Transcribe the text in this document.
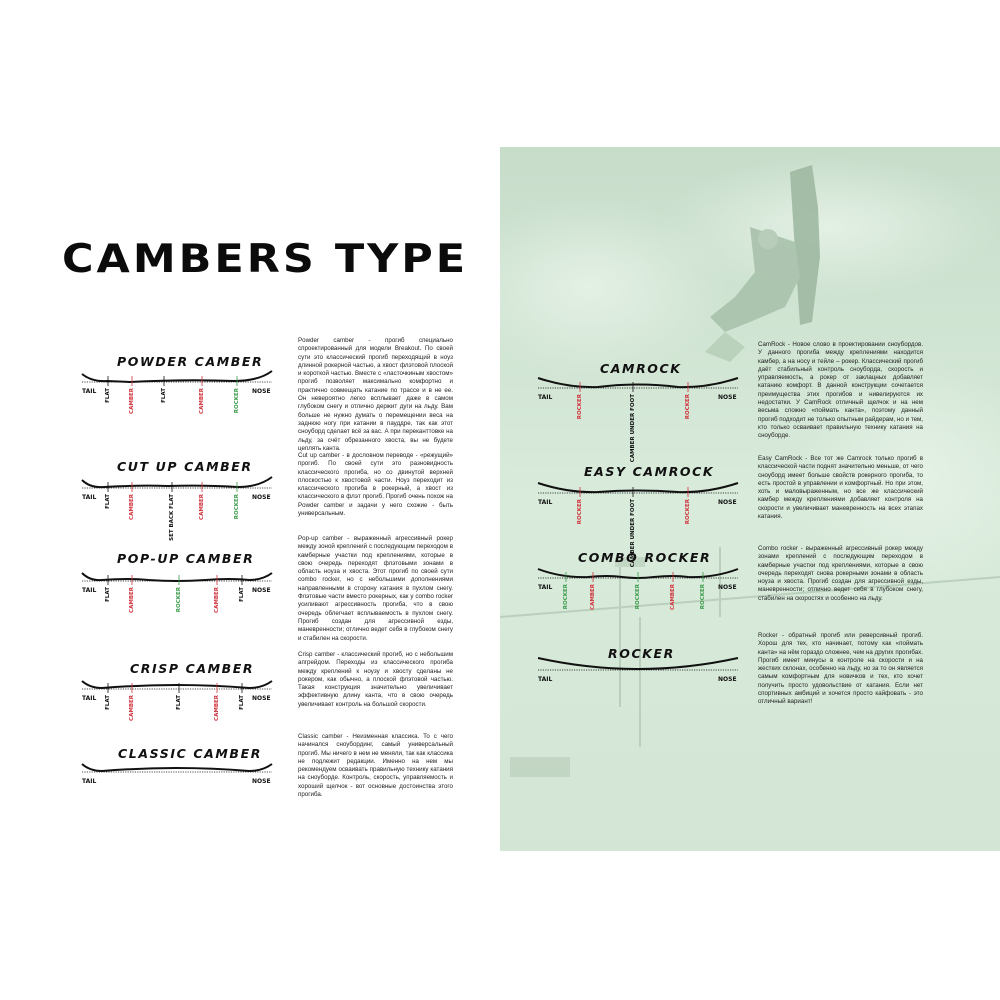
CAMBERS TYPE
POWDER CAMBER
TAIL	NOSE
FLAT	CAMBER	FLAT	CAMBER	ROCKER
Powder camber - прогиб специально спроектированный для модели Breakout. По своей сути это классический прогиб переходящий в ноуз длинной рокерной частью, а хвост флэтовой плоской и короткой частью. Вместе с «ласточкиным хвостом» прогиб позволяет максимально комфортно и практично совмещать катание по трассе и в не ее. Он невероятно легко всплывает даже в самом глубоком снегу и отлично держит дуги на льду. Вам больше не нужно думать о перемещении веса на заднюю ногу при катании в пауддре, так как этот сноуборд сделает всё за вас. А при переканттовке на льду, за счёт обрезанного хвоста, вы не будете цеплять канта.
CUT UP CAMBER
TAIL	NOSE
FLAT	CAMBER	SET BACK FLAT	CAMBER	ROCKER
Cut up camber - в дословном переводе - «режущий» прогиб. По своей сути это разновидность классического прогиба, но со двинутой верхней плоскостью к хвостовой части. Ноуз переходит из классического прогиба в рокерный, а хвост из классического в флэт прогиб. Прогиб очень похож на Powder camber и задачи у него схожие - быть универсальным.
POP-UP CAMBER
TAIL	NOSE
FLAT	CAMBER	ROCKER	CAMBER	FLAT
Pop-up camber - выраженный агрессивный рокер между зоной креплений с последующим переходом в камберные участки под креплениями, которые в свою очередь переходят флэтовыми зонами в область ноуза и хвоста. Этот прогиб по своей сути combo rocker, но с небольшими дополнениями направленными в сторону катания в пухлом снегу. Флэтовые части вместо рокерных, как у combo rocker усиливают агрессивность прогиба, что в свою очередь облегчает всплываемость в пухлом снегу. Прогиб создан для агрессивной езды, маневренности; отлично ведет себя в глубоком снегу и стабилен на скорости.
CRISP CAMBER
TAIL	NOSE
FLAT	CAMBER	FLAT	CAMBER	FLAT
Crisp camber - классический прогиб, но с небольшим апгрейдом. Переходы из классического прогиба между креплений к ноузу и хвосту сделаны не рокером, как обычно, а плоской флэтовой частью. Такая конструкция значительно увеличивает эффективную длину канта, что в свою очередь увеличивает контроль на большой скорости.
CLASSIC CAMBER
TAIL	NOSE
Classic camber - Неизменная классика. То с чего начинался сноубординг, самый универсальный прогиб. Мы ничего в нем не меняли, так как классика не подлежит редакции. Именно на нем мы рекомендуем осваивать правильную технику катания на сноуборде. Контроль, скорость, управляемость и хороший щелчок - вот основные достоинства этого прогиба.
CAMROCK
TAIL	NOSE
ROCKER	CAMBER UNDER FOOT	ROCKER
CamRock - Новое слово в проектировании сноубордов. У данного прогиба между креплениями находится камбер, а на носу и тейле – рокер. Классический прогиб даёт стабильный контроль сноуборда, скорость и управляемость, а рокер от заклацных добавляет катанию комфорт. В данной конструкции сочетается преимущества этих прогибов и нивелируются их недостатки. У CamRock отличный щелчок и на нем весьма сложно «поймать канта», поэтому данный прогиб подходит не только опытным райдерам, но и тем, кто только осваивает правильную технику катания на сноуборде.
EASY CAMROCK
TAIL	NOSE
ROCKER	CAMBER UNDER FOOT	ROCKER
Easy CamRock - Все тот же Camrock только прогиб в классической части поднят значительно меньше, от чего сноуборд имеет больше свойств рокерного прогиба, то есть простой в управлении и комфортный. Но при этом, хоть и маловыраженным, но все же классический камбер между креплениями добавляет контроля на скорости и увеличивает маневренность на всех этапах катания.
COMBO ROCKER
TAIL	NOSE
ROCKER	CAMBER	ROCKER	CAMBER	ROCKER
Combo rocker - выраженный агрессивный рокер между зонами креплений с последующим переходом в камберные участки под креплениями, которые в свою очередь переходят снова рокерными зонами в область ноуза и хвоста. Прогиб создан для агрессивной езды, маневренности; отлично ведет себя в глубоком снегу, стабилен на скоростях и особенно на льду.
ROCKER
TAIL	NOSE
Rocker - обратный прогиб или реверсивный прогиб. Хорош для тех, кто начинает, потому как «поймать канта» на нём гораздо сложнее, чем на других прогибах. Прогиб имеет минусы в контроле на скорости и на жестких склонах, особенно на льду, но за то он является самым комфортным для новичков и тех, кто хочет получить просто удовольствие от катания. Если нет спортивных амбиций и хочется просто кайфовать - это отличный вариант!
